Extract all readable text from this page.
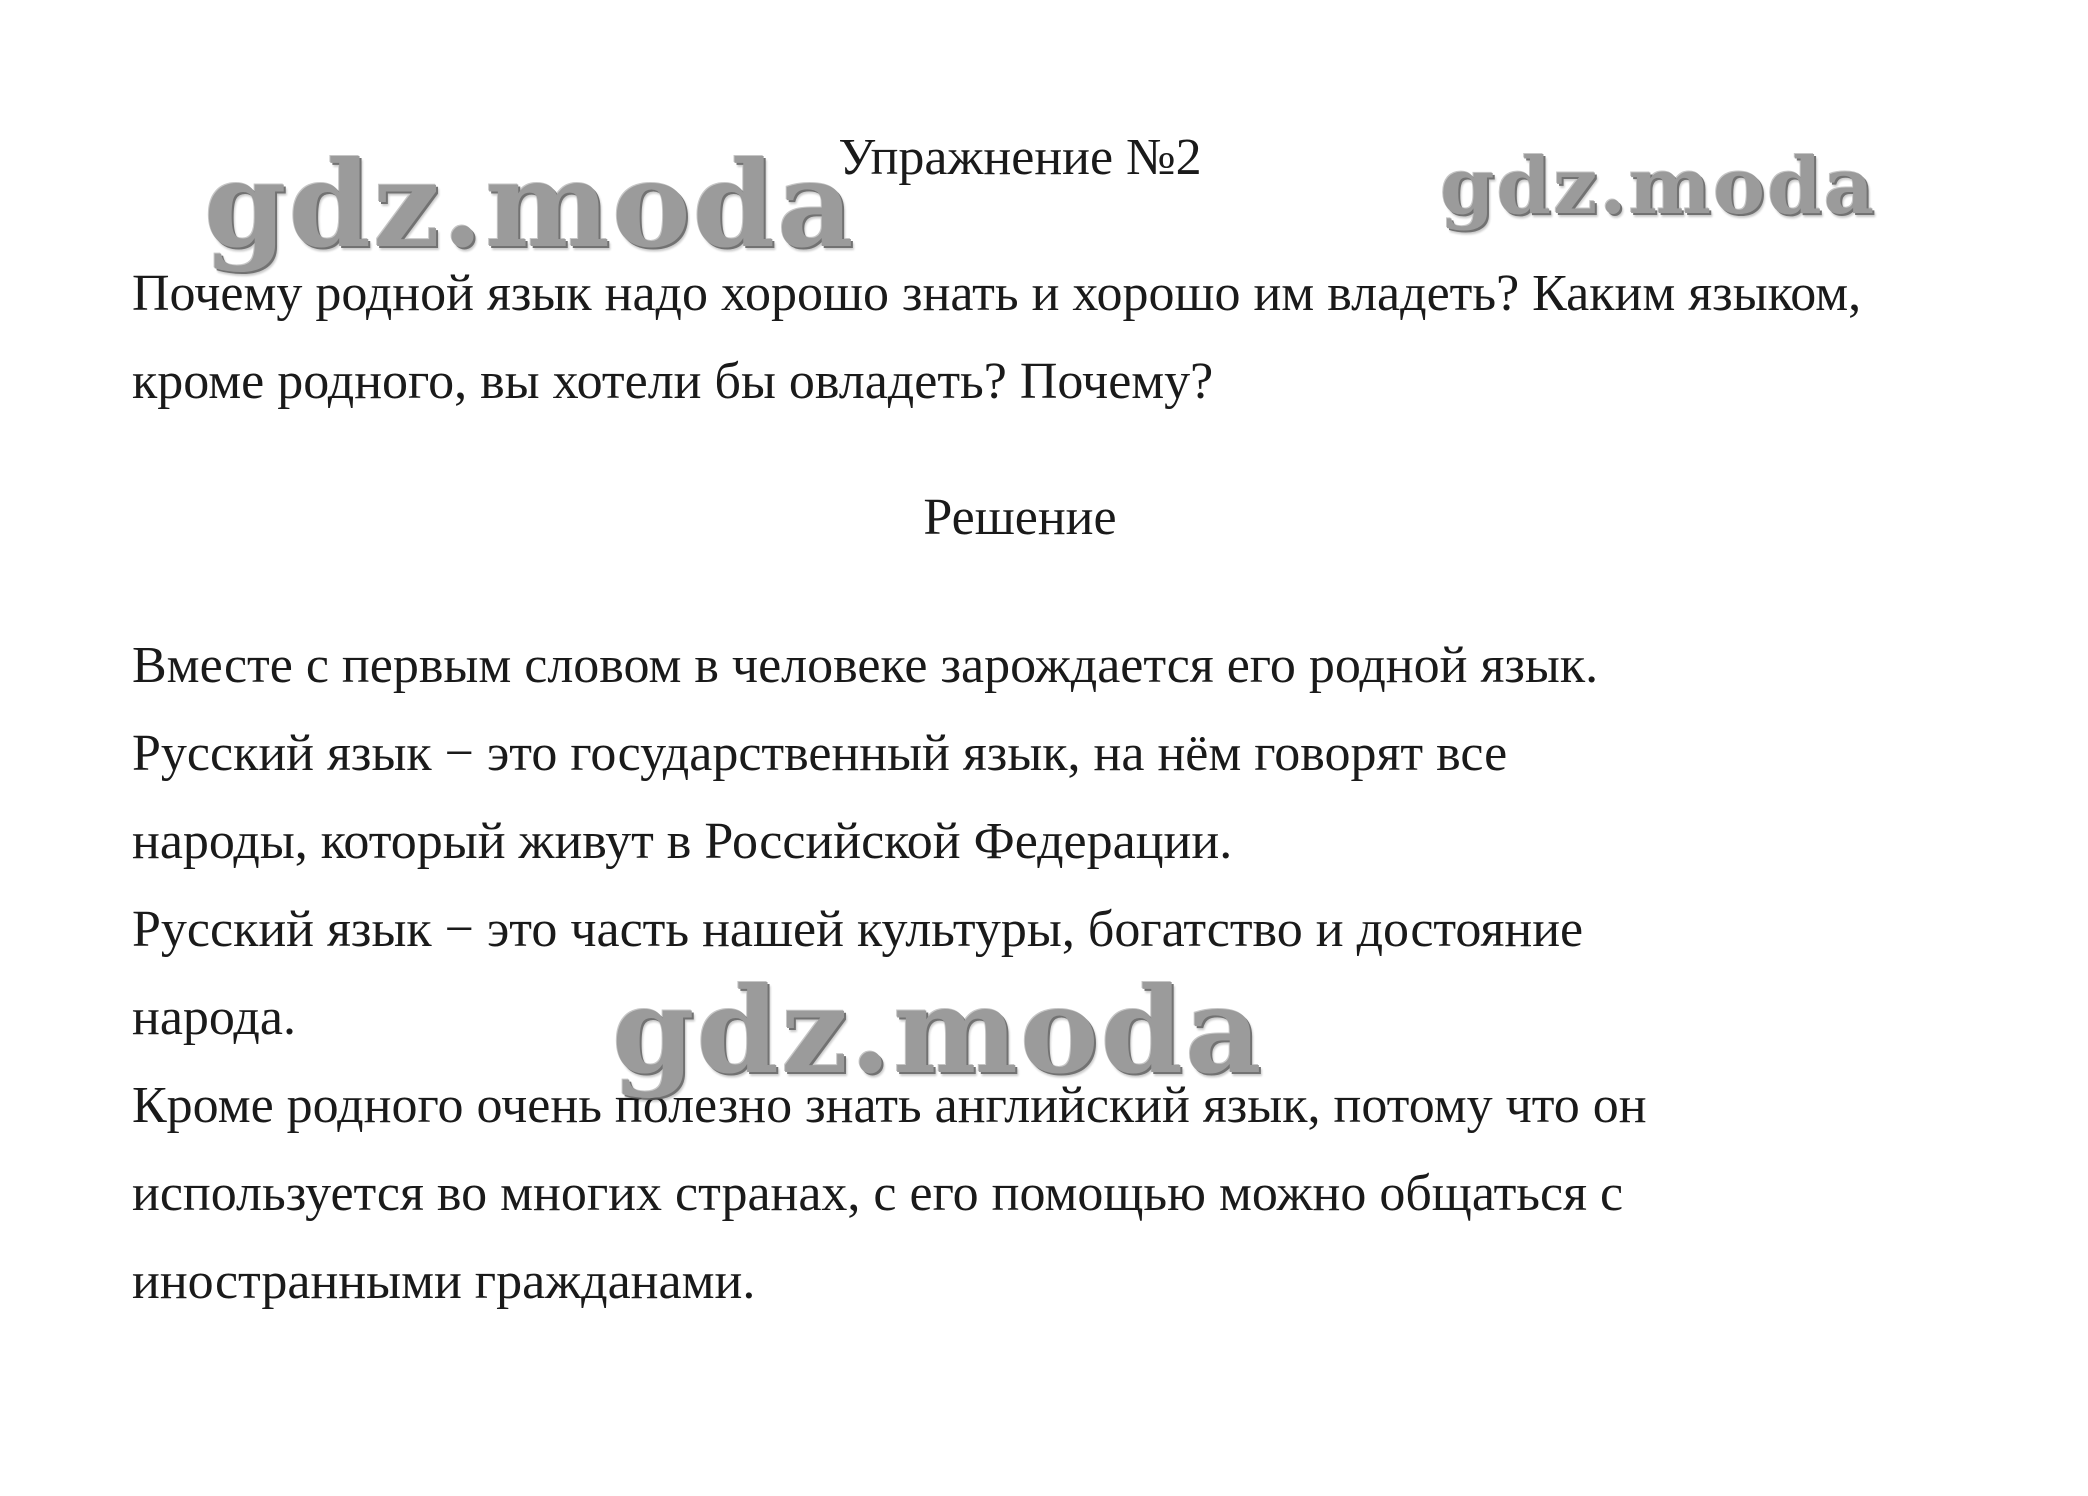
Упражнение №2

Почему родной язык надо хорошо знать и хорошо им владеть? Каким языком, кроме родного, вы хотели бы овладеть? Почему?

Решение
Вместе с первым словом в человеке зарождается его родной язык.
Русский язык − это государственный язык, на нём говорят все
народы, который живут в Российской Федерации.
Русский язык − это часть нашей культуры, богатство и достояние
народа.
Кроме родного очень полезно знать английский язык, потому что он
используется во многих странах, с его помощью можно общаться с
иностранными гражданами.
gdz.moda	gdz.moda
gdz.moda
